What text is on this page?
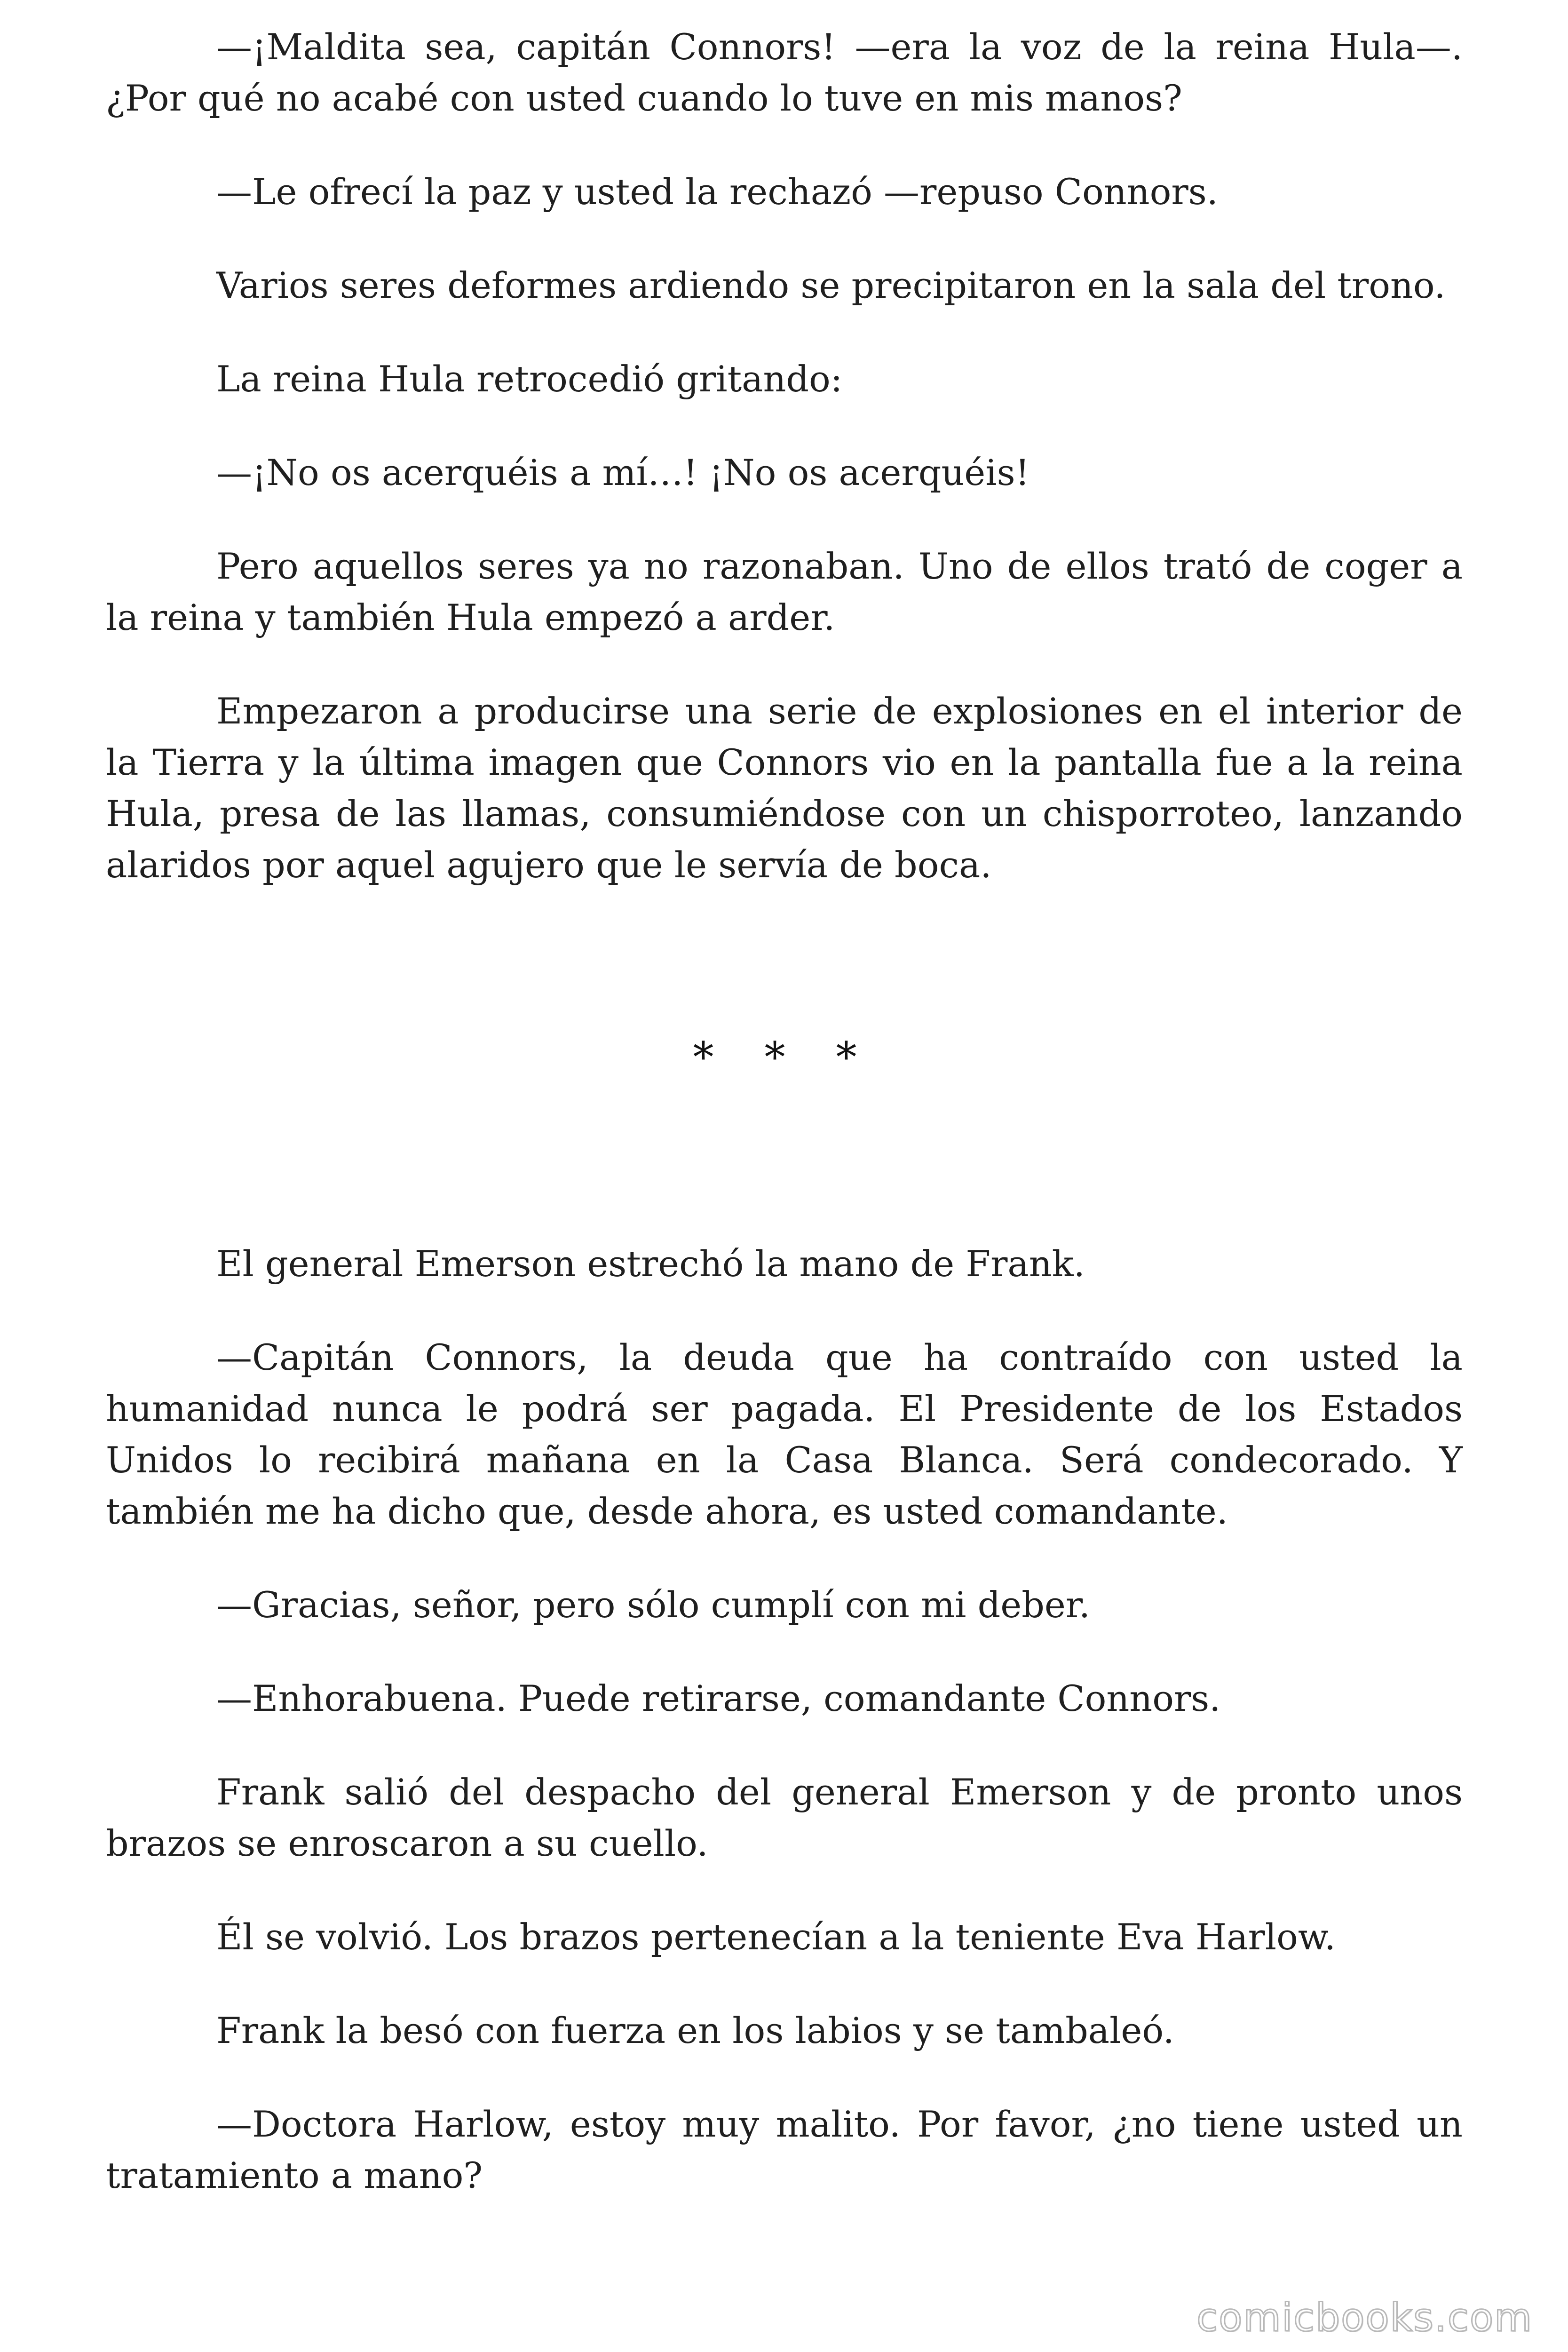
—¡Maldita sea, capitán Connors! —era la voz de la reina Hula—. ¿Por qué no acabé con usted cuando lo tuve en mis manos?

—Le ofrecí la paz y usted la rechazó —repuso Connors.

Varios seres deformes ardiendo se precipitaron en la sala del trono.

La reina Hula retrocedió gritando:

—¡No os acerquéis a mí…! ¡No os acerquéis!

Pero aquellos seres ya no razonaban. Uno de ellos trató de coger a la reina y también Hula empezó a arder.

Empezaron a producirse una serie de explosiones en el interior de la Tierra y la última imagen que Connors vio en la pantalla fue a la reina Hula, presa de las llamas, consumiéndose con un chisporroteo, lanzando alaridos por aquel agujero que le servía de boca.

* * *

El general Emerson estrechó la mano de Frank.

—Capitán Connors, la deuda que ha contraído con usted la humanidad nunca le podrá ser pagada. El Presidente de los Estados Unidos lo recibirá mañana en la Casa Blanca. Será condecorado. Y también me ha dicho que, desde ahora, es usted comandante.

—Gracias, señor, pero sólo cumplí con mi deber.

—Enhorabuena. Puede retirarse, comandante Connors.

Frank salió del despacho del general Emerson y de pronto unos brazos se enroscaron a su cuello.

Él se volvió. Los brazos pertenecían a la teniente Eva Harlow.

Frank la besó con fuerza en los labios y se tambaleó.

—Doctora Harlow, estoy muy malito. Por favor, ¿no tiene usted un tratamiento a mano?

comicbooks.com
